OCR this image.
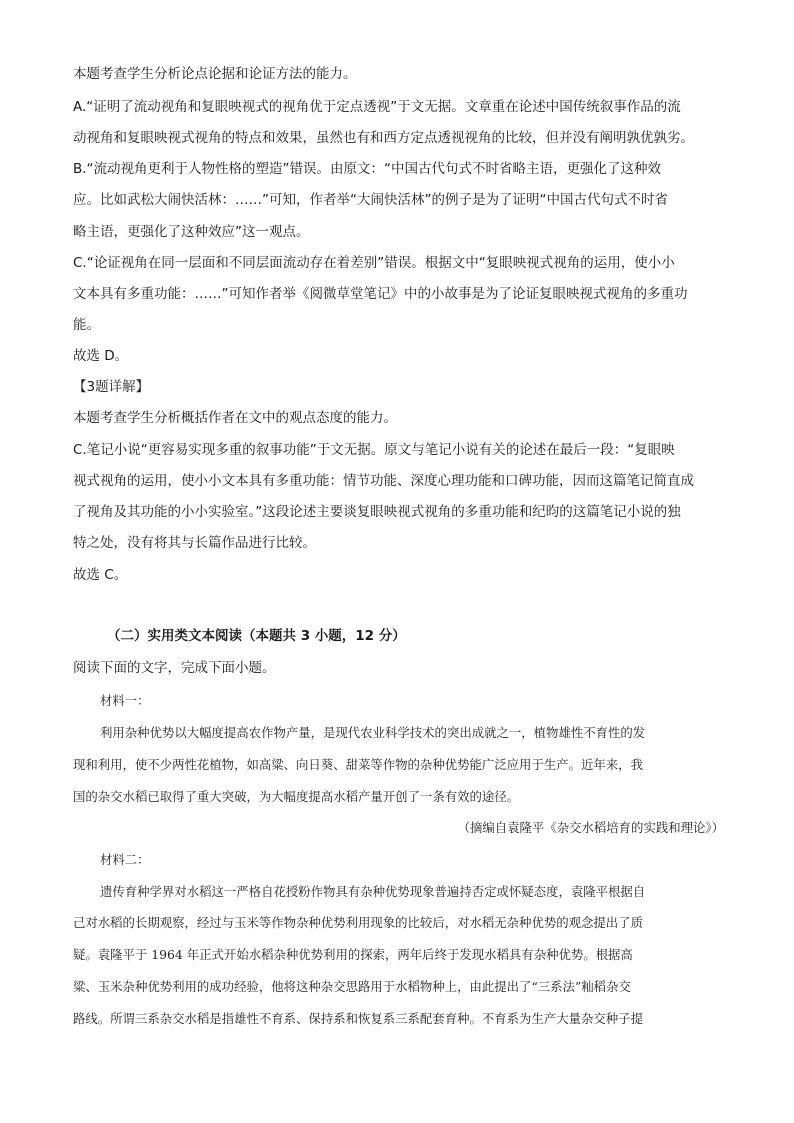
本题考查学生分析论点论据和论证方法的能力。
A.“证明了流动视角和复眼映视式的视角优于定点透视”于文无据。文章重在论述中国传统叙事作品的流
动视角和复眼映视式视角的特点和效果，虽然也有和西方定点透视视角的比较，但并没有阐明孰优孰劣。
B.“流动视角更利于人物性格的塑造”错误。由原文：“中国古代句式不时省略主语，更强化了这种效
应。比如武松大闹快活林：……”可知，作者举“大闹快活林”的例子是为了证明“中国古代句式不时省
略主语，更强化了这种效应”这一观点。
C.“论证视角在同一层面和不同层面流动存在着差别”错误。根据文中“复眼映视式视角的运用，使小小
文本具有多重功能：……”可知作者举《阅微草堂笔记》中的小故事是为了论证复眼映视式视角的多重功
能。
故选 D。
【3题详解】
本题考查学生分析概括作者在文中的观点态度的能力。
C.笔记小说“更容易实现多重的叙事功能”于文无据。原文与笔记小说有关的论述在最后一段：“复眼映
视式视角的运用，使小小文本具有多重功能：情节功能、深度心理功能和口碑功能，因而这篇笔记简直成
了视角及其功能的小小实验室。”这段论述主要谈复眼映视式视角的多重功能和纪昀的这篇笔记小说的独
特之处，没有将其与长篇作品进行比较。
故选 C。
（二）实用类文本阅读（本题共 3 小题，12 分）
阅读下面的文字，完成下面小题。
材料一：
利用杂种优势以大幅度提高农作物产量，是现代农业科学技术的突出成就之一，植物雄性不育性的发
现和利用，使不少两性花植物，如高粱、向日葵、甜菜等作物的杂种优势能广泛应用于生产。近年来，我
国的杂交水稻已取得了重大突破，为大幅度提高水稻产量开创了一条有效的途径。
（摘编自袁隆平《杂交水稻培育的实践和理论》）
材料二：
遗传育种学界对水稻这一严格自花授粉作物具有杂种优势现象普遍持否定或怀疑态度，袁隆平根据自
己对水稻的长期观察，经过与玉米等作物杂种优势利用现象的比较后，对水稻无杂种优势的观念提出了质
疑。袁隆平于 1964 年正式开始水稻杂种优势利用的探索，两年后终于发现水稻具有杂种优势。根据高
粱、玉米杂种优势利用的成功经验，他将这种杂交思路用于水稻物种上，由此提出了“三系法”籼稻杂交
路线。所谓三系杂交水稻是指雄性不育系、保持系和恢复系三系配套育种。不育系为生产大量杂交种子提
